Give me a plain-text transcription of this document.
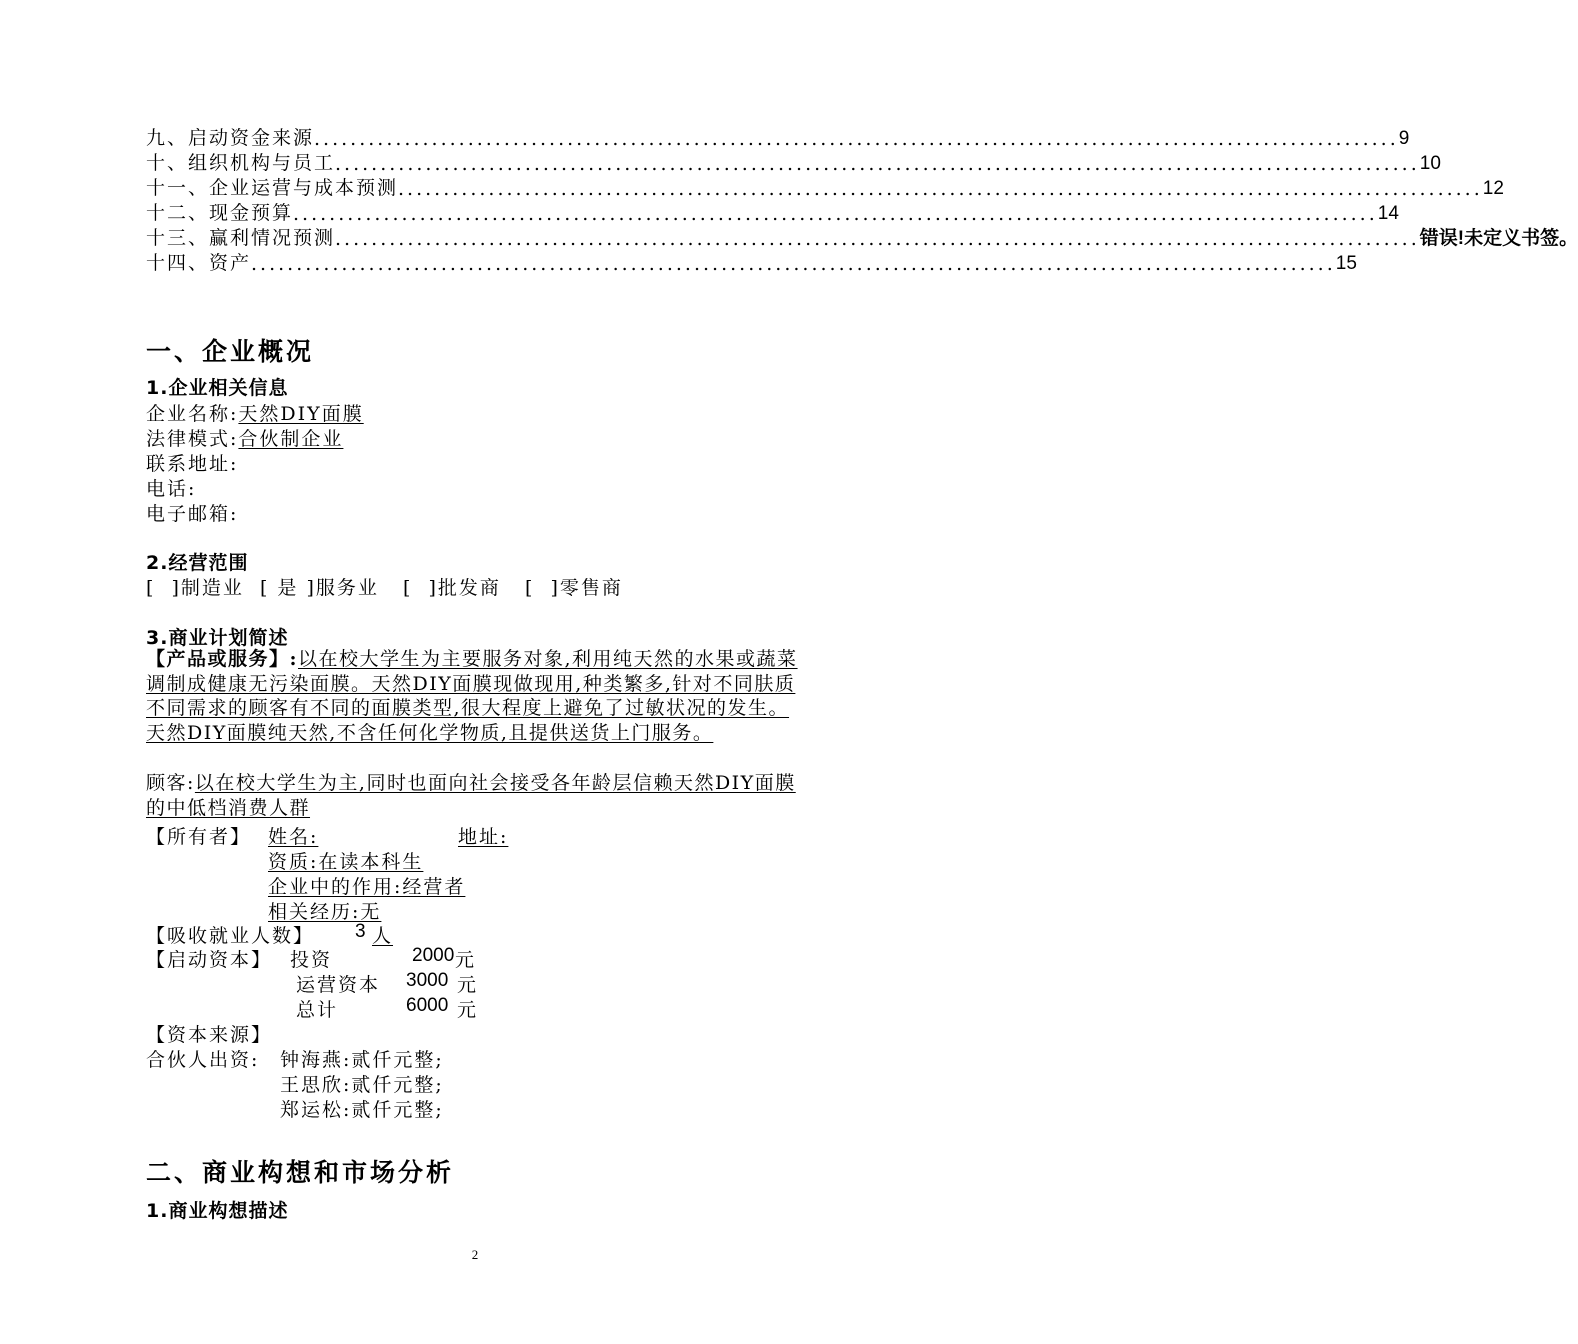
九、启动资金来源 ........................................................................................................................ 9
十、组织机构与员工 ........................................................................................................................ 10
十一、企业运营与成本预测 ........................................................................................................................ 12
十二、现金预算 ........................................................................................................................ 14
十三、赢利情况预测 ........................................................................................................................ 错误!未定义书签。
十四、资产 ........................................................................................................................ 15
一、企业概况
1.企业相关信息
企业名称:天然DIY面膜
法律模式:合伙制企业
联系地址:
电话:
电子邮箱:
2.经营范围
[  ]制造业  [ 是 ]服务业   [  ]批发商   [  ]零售商
3.商业计划简述
【产品或服务】:以在校大学生为主要服务对象,利用纯天然的水果或蔬菜调制成健康无污染面膜。天然DIY面膜现做现用,种类繁多,针对不同肤质不同需求的顾客有不同的面膜类型,很大程度上避免了过敏状况的发生。天然DIY面膜纯天然,不含任何化学物质,且提供送货上门服务。
顾客:以在校大学生为主,同时也面向社会接受各年龄层信赖天然DIY面膜的中低档消费人群
【所有者】 姓名:	地址:
资质:在读本科生
企业中的作用:经营者
相关经历:无
【吸收就业人数】 3 人
【启动资本】 投资	2000 元
运营资本 3000 元
总计	6000 元
【资本来源】
合伙人出资: 钟海燕:贰仟元整;
王思欣:贰仟元整;
郑运松:贰仟元整;
二、商业构想和市场分析
1.商业构想描述
2
